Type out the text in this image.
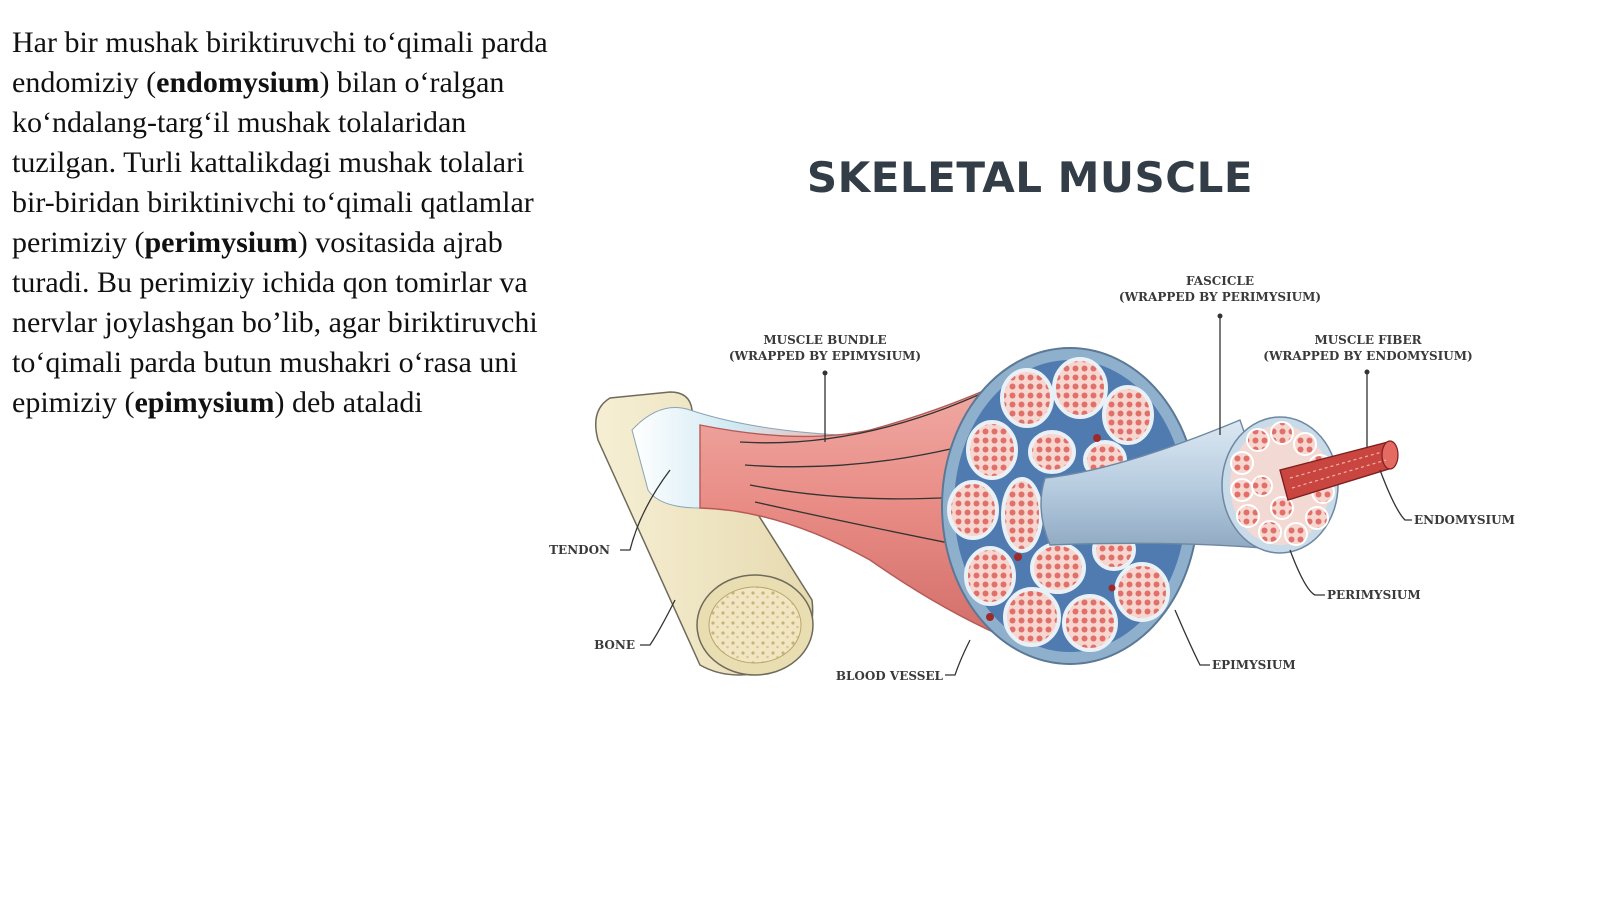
Har bir mushak biriktiruvchi to‘qimali parda endomiziy (endomysium) bilan o‘ralgan ko‘ndalang-targ‘il mushak tolalaridan tuzilgan. Turli kattalikdagi mushak tolalari bir-biridan biriktinivchi to‘qimali qatlamlar perimiziy (perimysium) vositasida ajrab turadi. Bu perimiziy ichida qon tomirlar va nervlar joylashgan bo’lib, agar biriktiruvchi to‘qimali parda butun mushakri o‘rasa uni epimiziy (epimysium) deb ataladi
SKELETAL MUSCLE
FASCICLE
(WRAPPED BY PERIMYSIUM)
MUSCLE BUNDLE
(WRAPPED BY EPIMYSIUM)
MUSCLE FIBER
(WRAPPED BY ENDOMYSIUM)
ENDOMYSIUM
PERIMYSIUM
EPIMYSIUM
BLOOD VESSEL
TENDON
BONE
